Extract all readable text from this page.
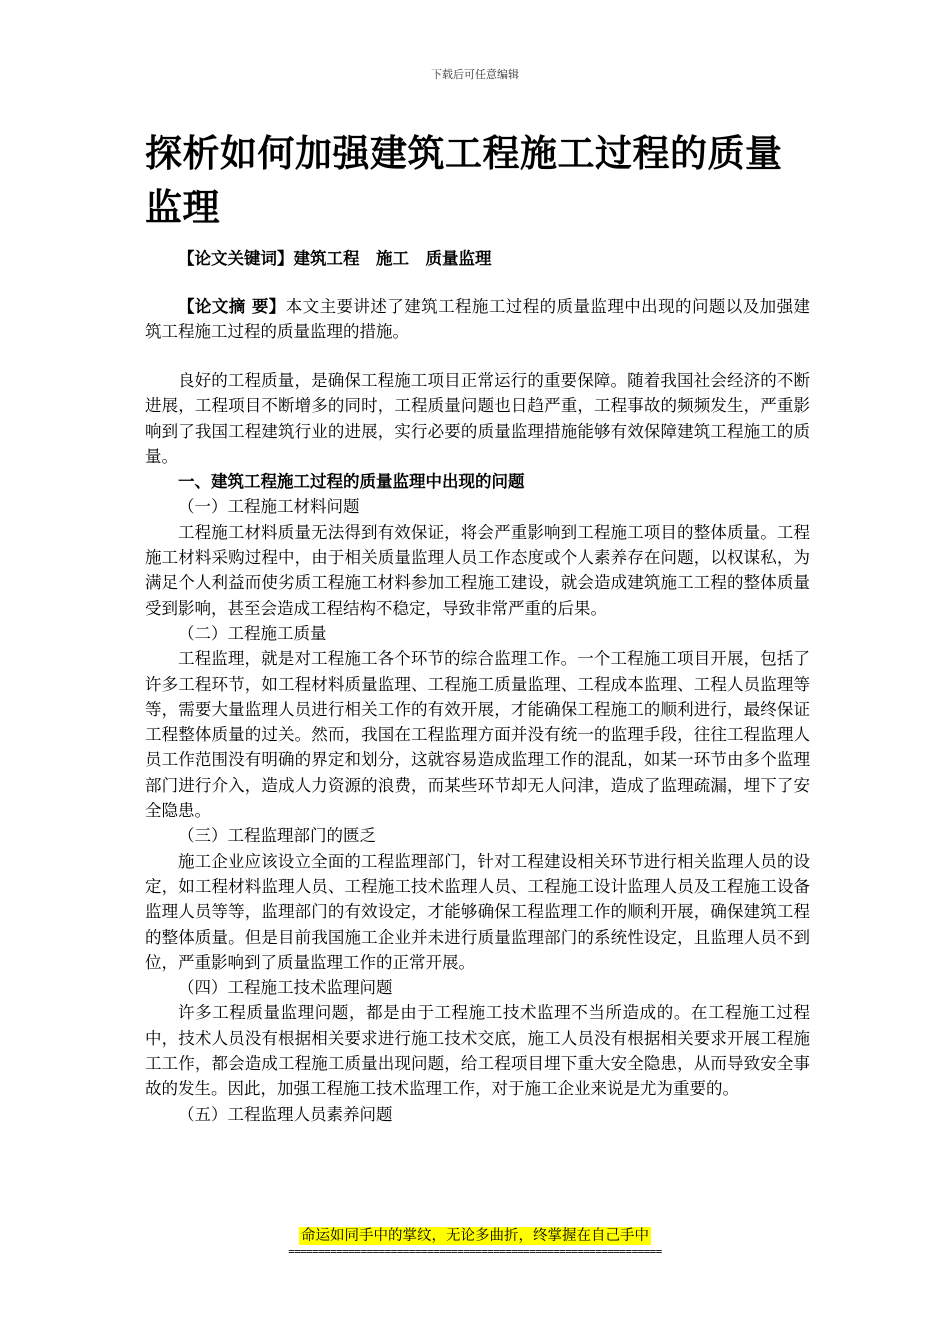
下载后可任意编辑
探析如何加强建筑工程施工过程的质量监理

【论文关键词】建筑工程　施工　质量监理

【论文摘 要】本文主要讲述了建筑工程施工过程的质量监理中出现的问题以及加强建筑工程施工过程的质量监理的措施。

良好的工程质量，是确保工程施工项目正常运行的重要保障。随着我国社会经济的不断进展，工程项目不断增多的同时，工程质量问题也日趋严重，工程事故的频频发生，严重影响到了我国工程建筑行业的进展，实行必要的质量监理措施能够有效保障建筑工程施工的质量。

一、建筑工程施工过程的质量监理中出现的问题

（一）工程施工材料问题

工程施工材料质量无法得到有效保证，将会严重影响到工程施工项目的整体质量。工程施工材料采购过程中，由于相关质量监理人员工作态度或个人素养存在问题，以权谋私，为满足个人利益而使劣质工程施工材料参加工程施工建设，就会造成建筑施工工程的整体质量受到影响，甚至会造成工程结构不稳定，导致非常严重的后果。

（二）工程施工质量

工程监理，就是对工程施工各个环节的综合监理工作。一个工程施工项目开展，包括了许多工程环节，如工程材料质量监理、工程施工质量监理、工程成本监理、工程人员监理等等，需要大量监理人员进行相关工作的有效开展，才能确保工程施工的顺利进行，最终保证工程整体质量的过关。然而，我国在工程监理方面并没有统一的监理手段，往往工程监理人员工作范围没有明确的界定和划分，这就容易造成监理工作的混乱，如某一环节由多个监理部门进行介入，造成人力资源的浪费，而某些环节却无人问津，造成了监理疏漏，埋下了安全隐患。

（三）工程监理部门的匮乏

施工企业应该设立全面的工程监理部门，针对工程建设相关环节进行相关监理人员的设定，如工程材料监理人员、工程施工技术监理人员、工程施工设计监理人员及工程施工设备监理人员等等，监理部门的有效设定，才能够确保工程监理工作的顺利开展，确保建筑工程的整体质量。但是目前我国施工企业并未进行质量监理部门的系统性设定，且监理人员不到位，严重影响到了质量监理工作的正常开展。

（四）工程施工技术监理问题

许多工程质量监理问题，都是由于工程施工技术监理不当所造成的。在工程施工过程中，技术人员没有根据相关要求进行施工技术交底，施工人员没有根据相关要求开展工程施工工作，都会造成工程施工质量出现问题，给工程项目埋下重大安全隐患，从而导致安全事故的发生。因此，加强工程施工技术监理工作，对于施工企业来说是尤为重要的。

（五）工程监理人员素养问题

命运如同手中的掌纹，无论多曲折，终掌握在自己手中
==============================================================
